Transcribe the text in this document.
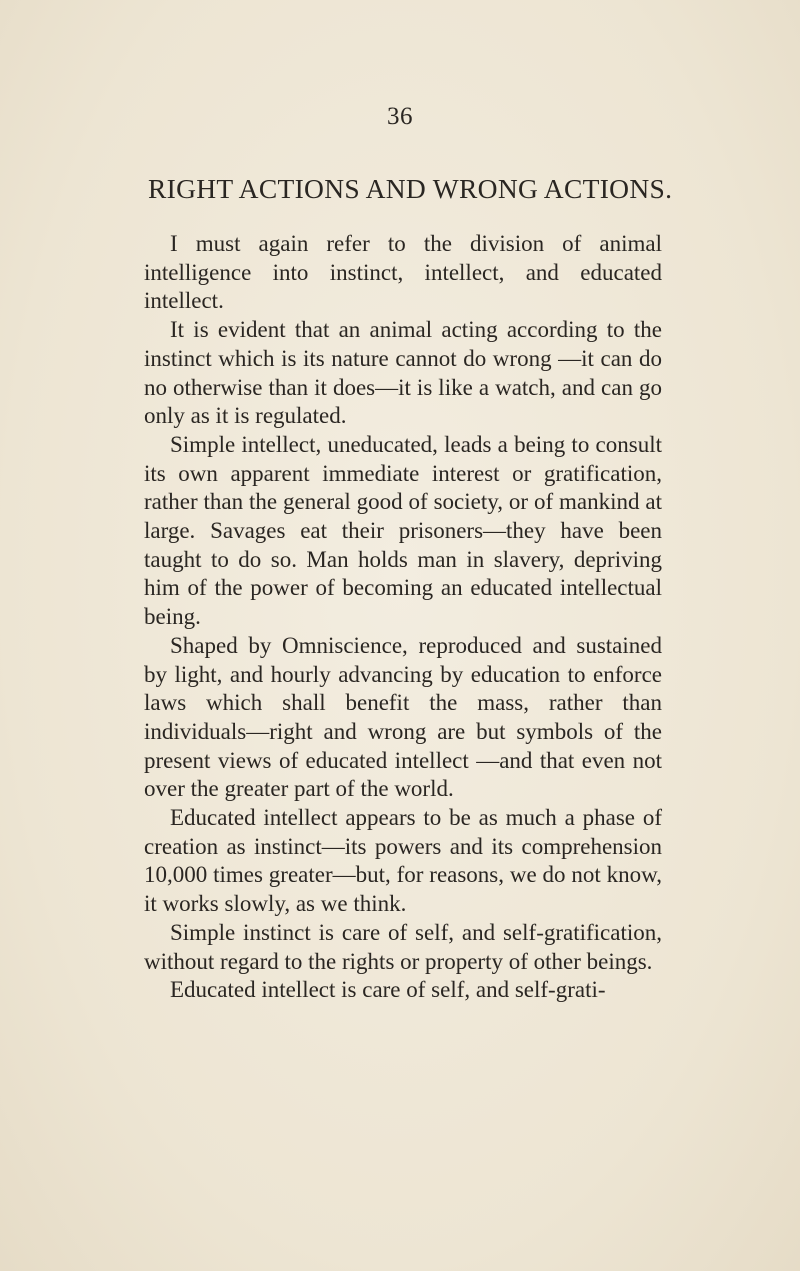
36
RIGHT ACTIONS AND WRONG ACTIONS.

I must again refer to the division of animal intelligence into instinct, intellect, and educated intellect.

It is evident that an animal acting according to the instinct which is its nature cannot do wrong —it can do no otherwise than it does—it is like a watch, and can go only as it is regulated.

Simple intellect, uneducated, leads a being to consult its own apparent immediate interest or gratification, rather than the general good of society, or of mankind at large. Savages eat their prisoners—they have been taught to do so. Man holds man in slavery, depriving him of the power of becoming an educated intellectual being.

Shaped by Omniscience, reproduced and sustained by light, and hourly advancing by education to enforce laws which shall benefit the mass, rather than individuals—right and wrong are but symbols of the present views of educated intellect —and that even not over the greater part of the world.

Educated intellect appears to be as much a phase of creation as instinct—its powers and its comprehension 10,000 times greater—but, for reasons, we do not know, it works slowly, as we think.

Simple instinct is care of self, and self-gratification, without regard to the rights or property of other beings.

Educated intellect is care of self, and self-grati-
